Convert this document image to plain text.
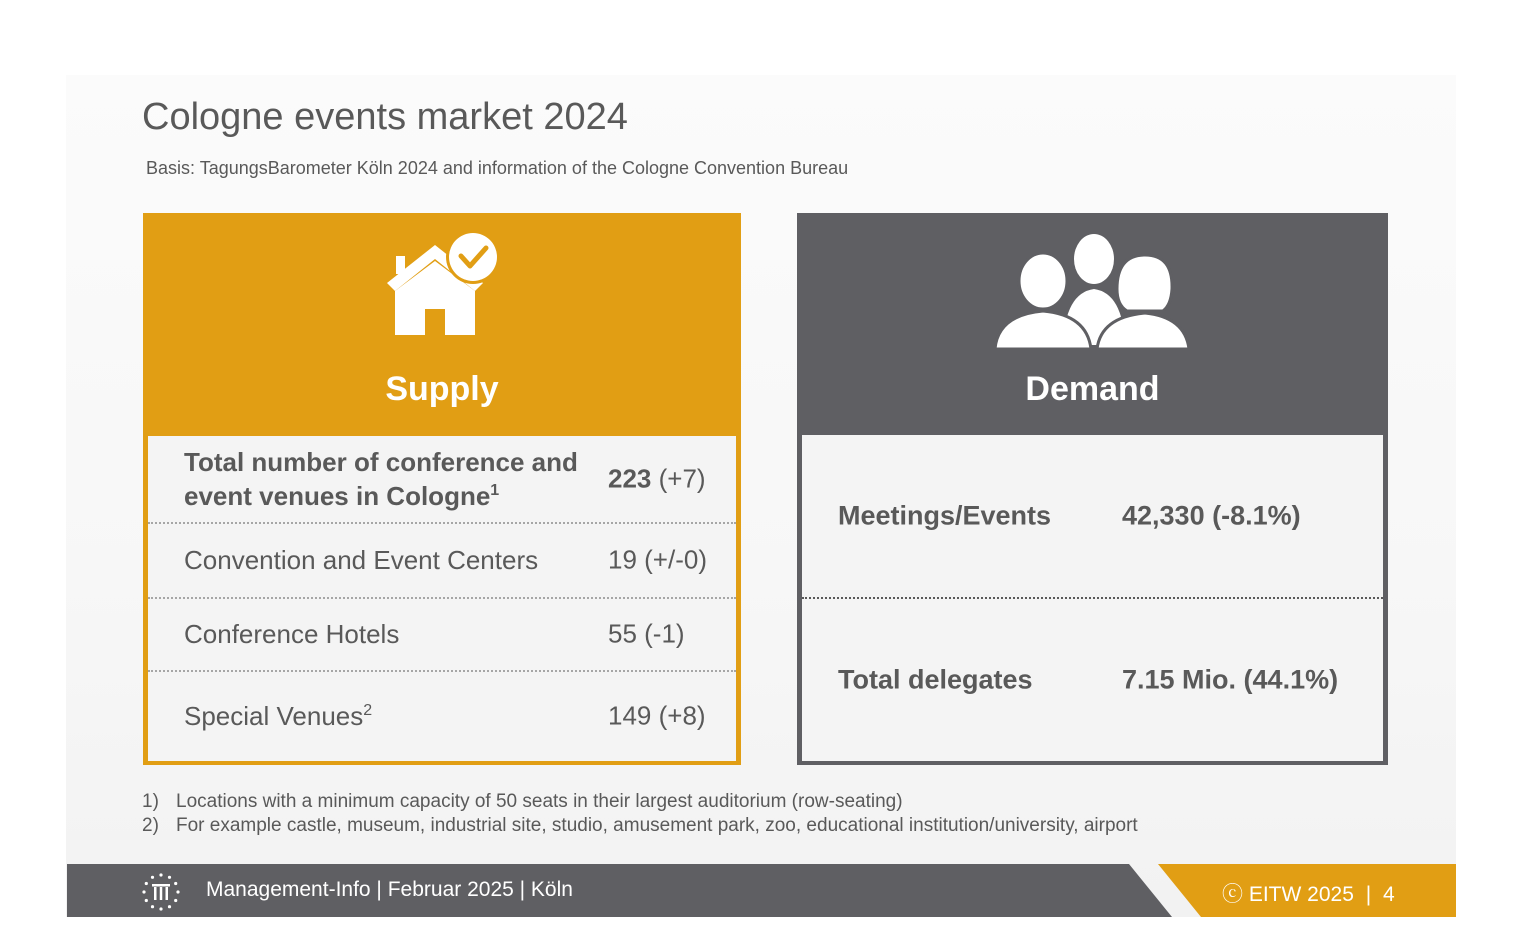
Cologne events market 2024
Basis: TagungsBarometer Köln 2024 and information of the Cologne Convention Bureau
Supply
Total number of conference and event venues in Cologne$^1$	223 (+7)
Convention and Event Centers	19 (+/-0)
Conference Hotels	55 (-1)
Special Venues$^2$	149 (+8)
Demand
Meetings/Events	42,330 (-8.1%)
Total delegates	7.15 Mio. (44.1%)
1) Locations with a minimum capacity of 50 seats in their largest auditorium (row-seating)
2) For example castle, museum, industrial site, studio, amusement park, zoo, educational institution/university, airport
Management-Info | Februar 2025 | Köln	ⓒ EITW 2025 | 4
